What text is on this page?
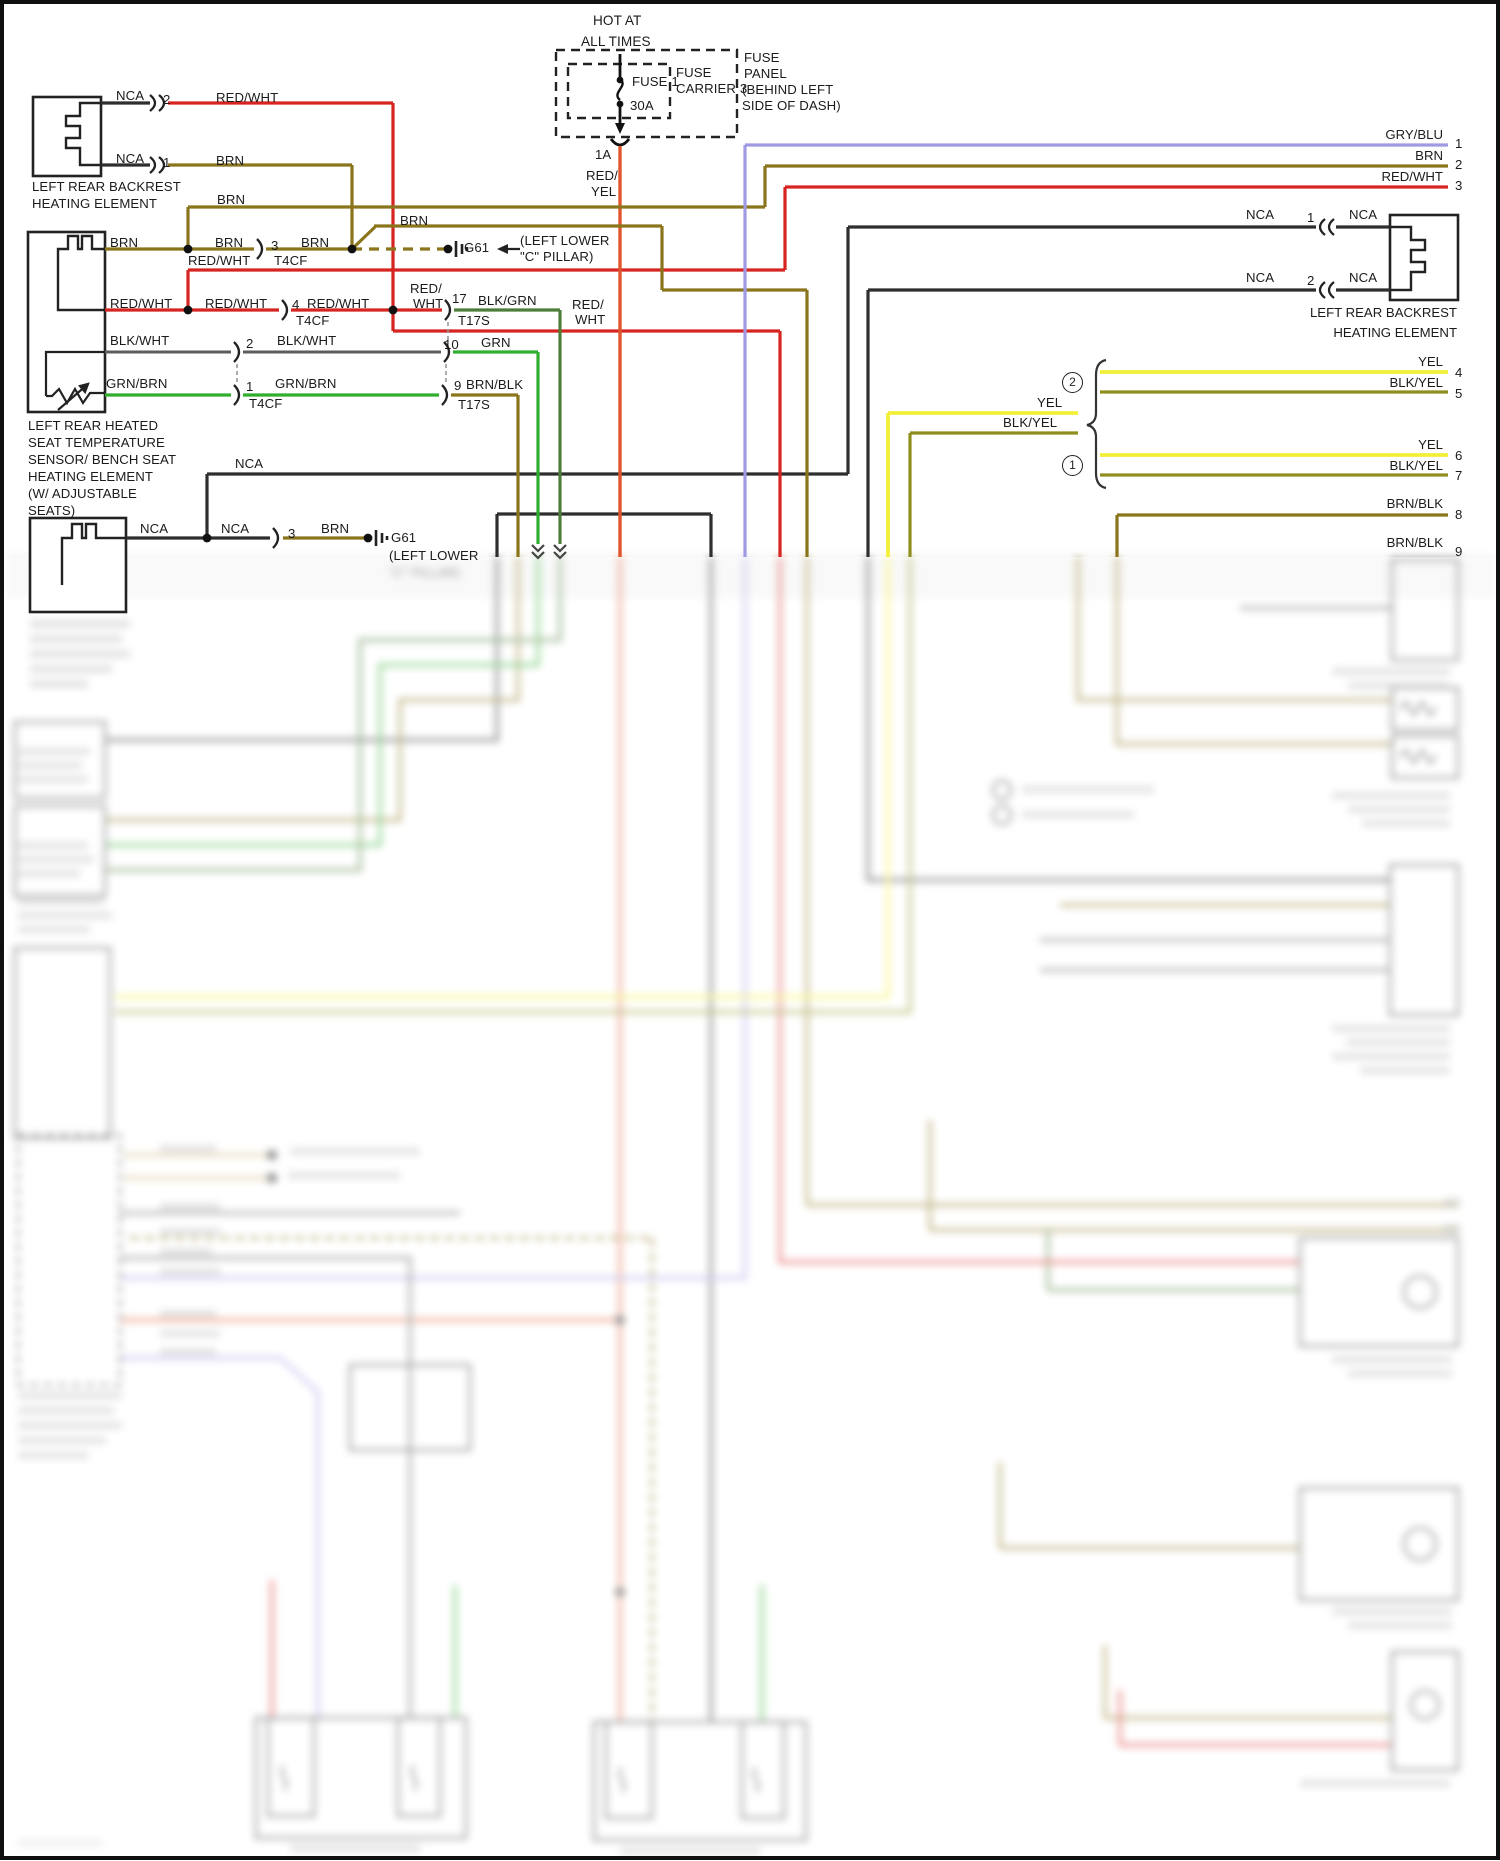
HOT AT
ALL TIMES
FUSE 1
30A
FUSE
CARRIER 3
FUSE
PANEL
(BEHIND LEFT
SIDE OF DASH)
1A
RED/
YEL
NCA 2	RED/WHT
NCA 1	BRN
LEFT REAR BACKREST
HEATING ELEMENT	BRN
BRN
G61 (LEFT LOWER
"C" PILLAR)
BRN	BRN 3
T4CF
BRN
RED/WHT
RED/WHT RED/WHT 4
T4CF
RED/WHT
BLK/WHT	2 BLK/WHT
GRN/BRN	1
T4CF
GRN/BRN
RED/
WHT 17
T17S
BLK/GRN
10 GRN
9 BRN/BLK
T17S
RED/
WHT
LEFT REAR HEATED
SEAT TEMPERATURE
SENSOR/ BENCH SEAT
HEATING ELEMENT
(W/ ADJUSTABLE
SEATS)
NCA
NCA	NCA	3 BRN
G61
(LEFT LOWER
NCA 1	NCA
NCA 2	NCA
LEFT REAR BACKREST
HEATING ELEMENT
GRY/BLU
BRN
RED/WHT
YEL
BLK/YEL
YEL
BLK/YEL
BRN/BLK
BRN/BLK
1
2
3
4
5
6
7
8
9
YEL
BLK/YEL
2
1
